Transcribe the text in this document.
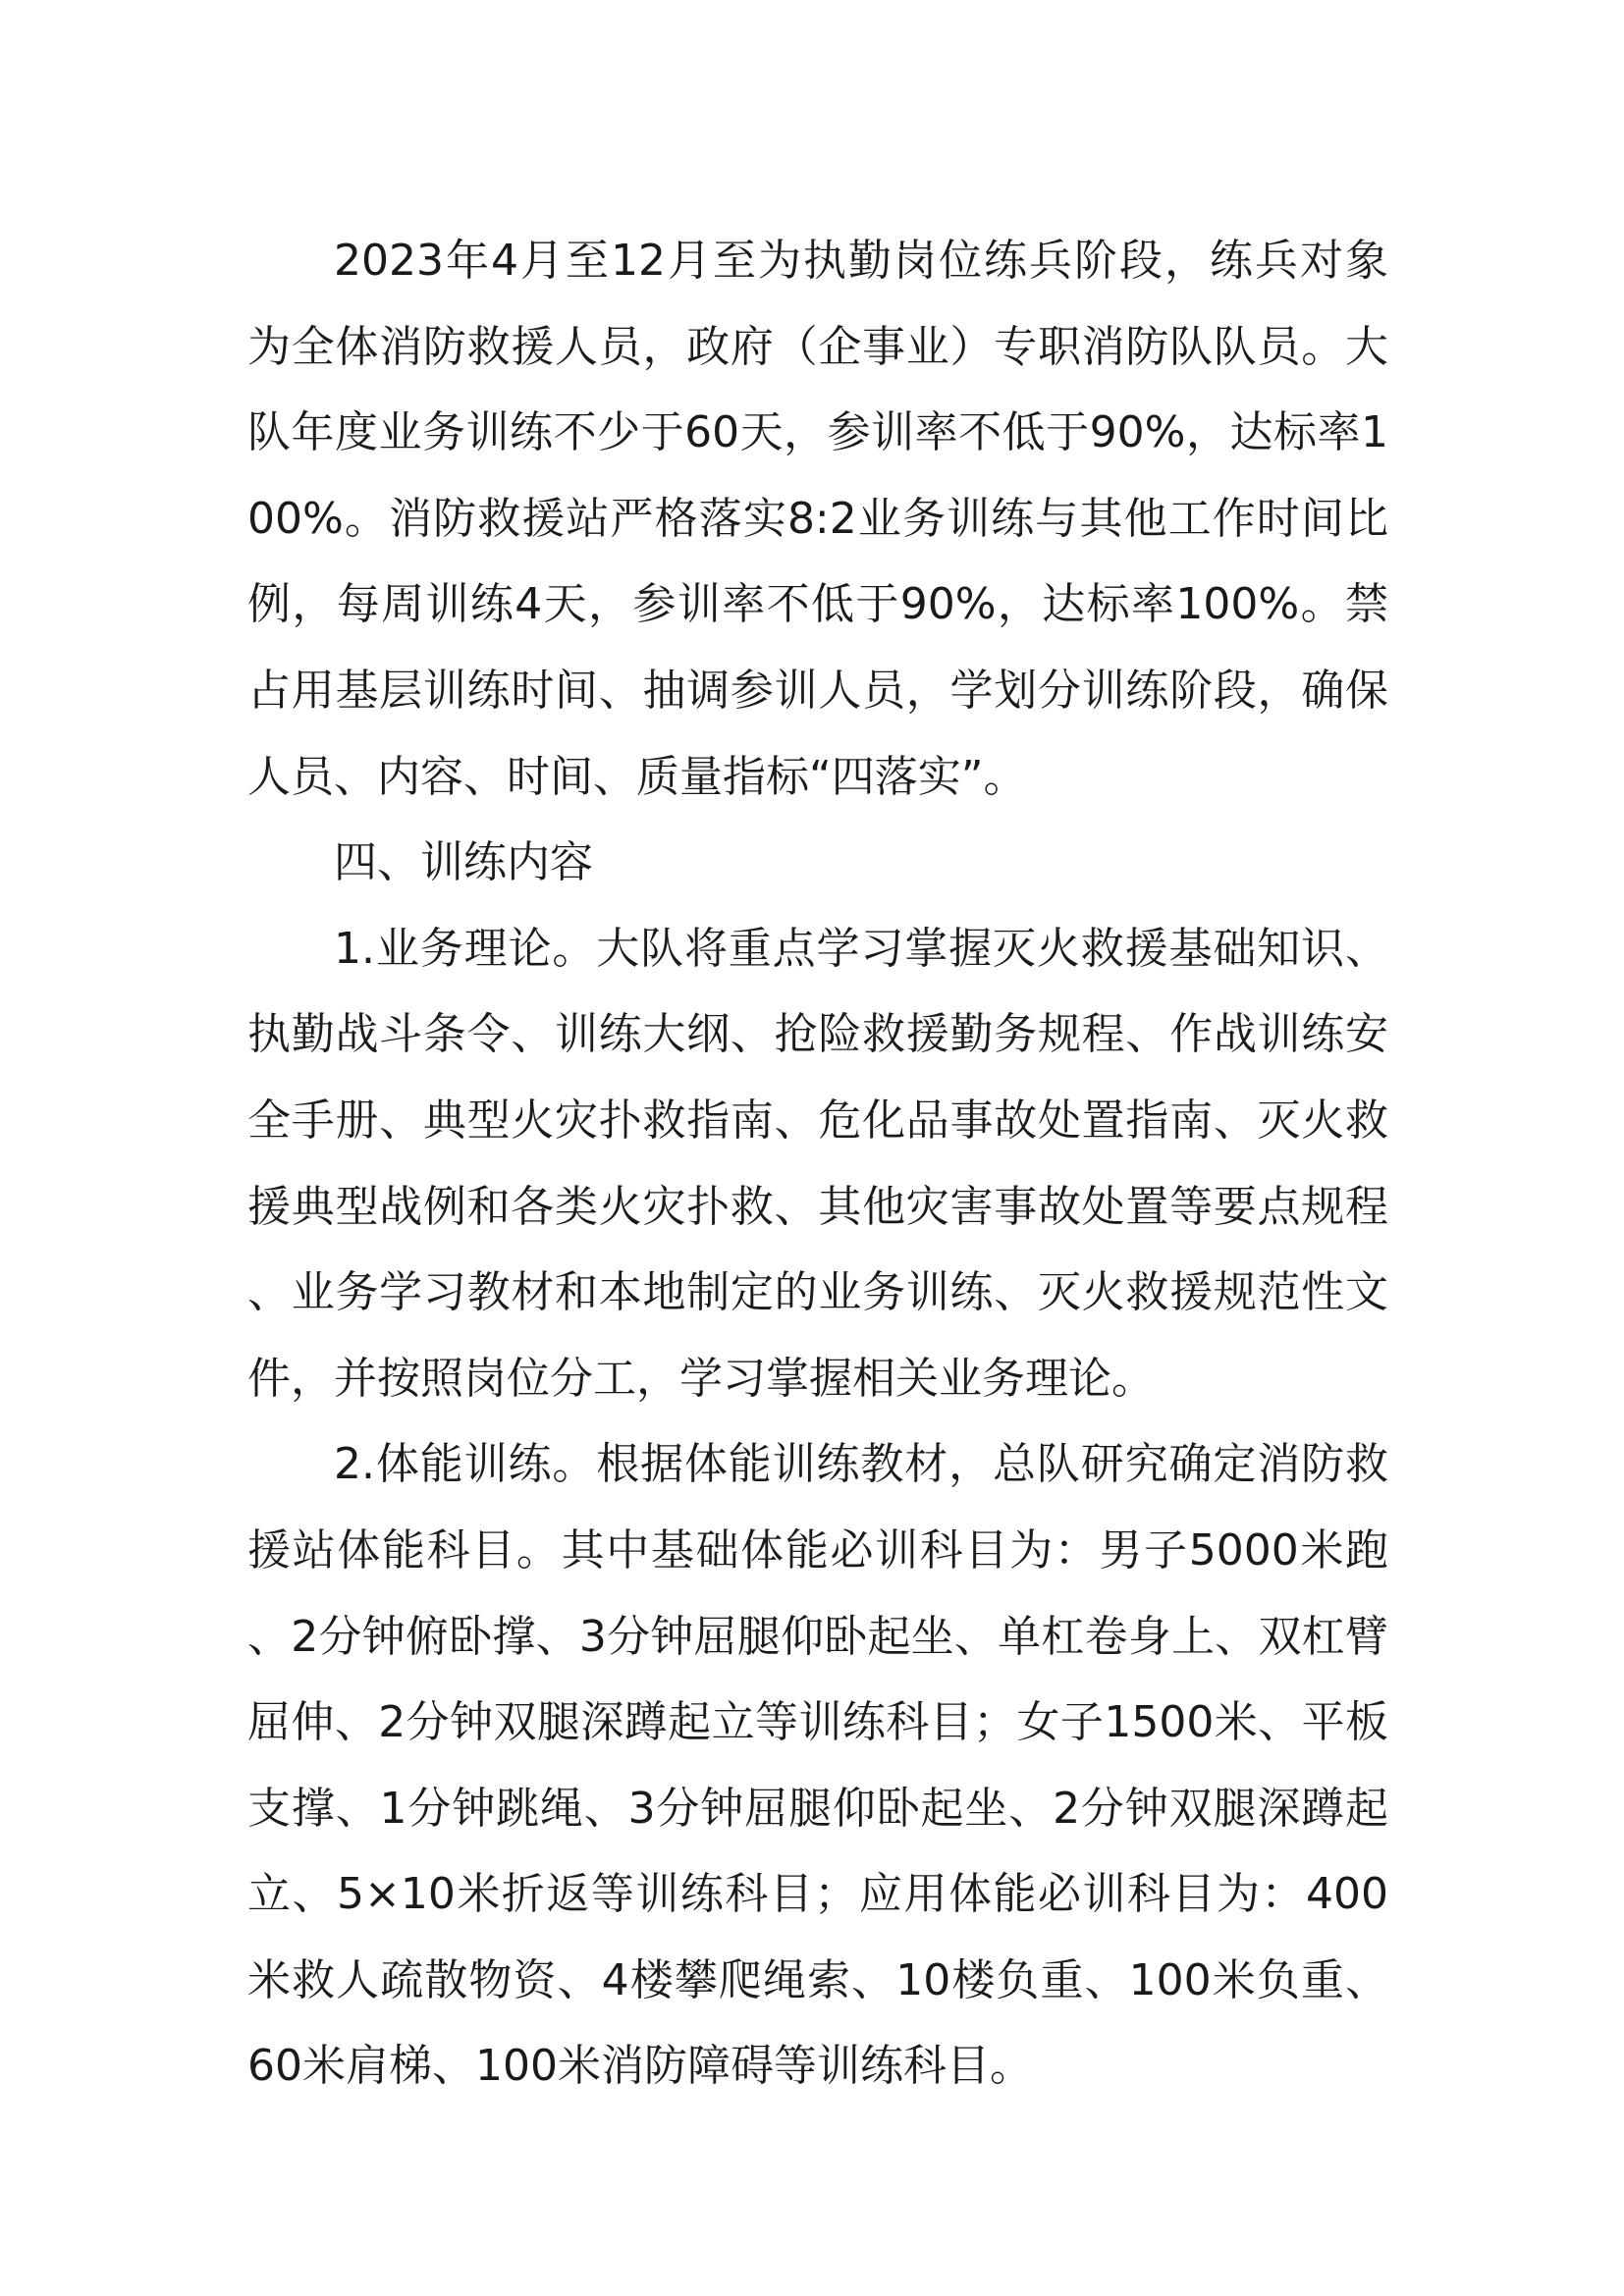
2023年4月至12月至为执勤岗位练兵阶段，练兵对象为全体消防救援人员，政府（企事业）专职消防队队员。大队年度业务训练不少于60天，参训率不低于90%，达标率100%。消防救援站严格落实8:2业务训练与其他工作时间比例，每周训练4天，参训率不低于90%，达标率100%。禁占用基层训练时间、抽调参训人员，学划分训练阶段，确保人员、内容、时间、质量指标“四落实”。

四、训练内容

1.业务理论。大队将重点学习掌握灭火救援基础知识、执勤战斗条令、训练大纲、抢险救援勤务规程、作战训练安全手册、典型火灾扑救指南、危化品事故处置指南、灭火救援典型战例和各类火灾扑救、其他灾害事故处置等要点规程、业务学习教材和本地制定的业务训练、灭火救援规范性文件，并按照岗位分工，学习掌握相关业务理论。

2.体能训练。根据体能训练教材，总队研究确定消防救援站体能科目。其中基础体能必训科目为：男子5000米跑、2分钟俯卧撑、3分钟屈腿仰卧起坐、单杠卷身上、双杠臂屈伸、2分钟双腿深蹲起立等训练科目；女子1500米、平板支撑、1分钟跳绳、3分钟屈腿仰卧起坐、2分钟双腿深蹲起立、5×10米折返等训练科目；应用体能必训科目为：400米救人疏散物资、4楼攀爬绳索、10楼负重、100米负重、60米肩梯、100米消防障碍等训练科目。
